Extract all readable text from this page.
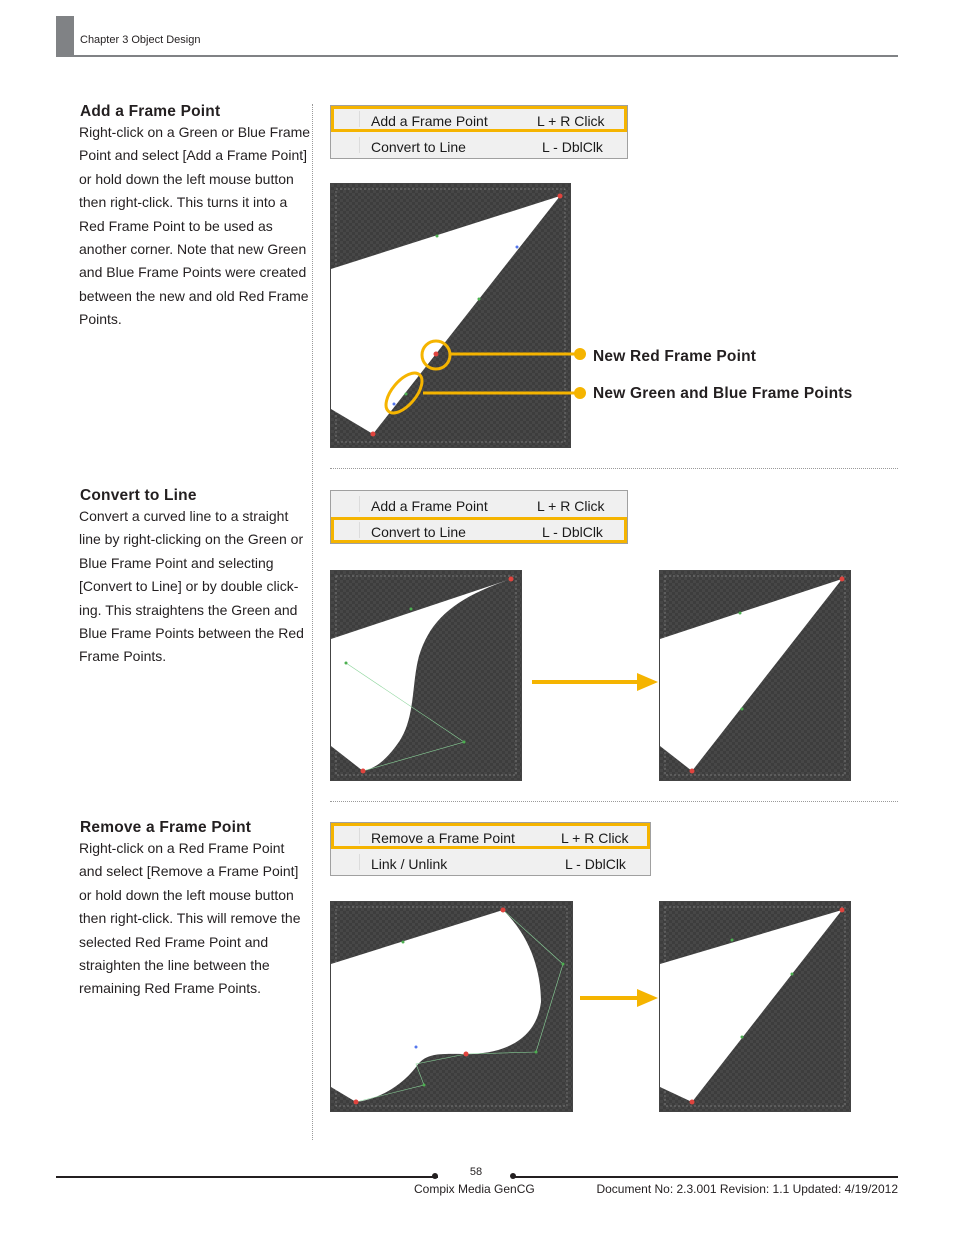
Chapter 3 Object Design
Add a Frame Point
Right-click on a Green or Blue Frame Point and select [Add a Frame Point] or hold down the left mouse button then right-click. This turns it into a Red Frame Point to be used as another corner. Note that new Green and Blue Frame Points were created between the new and old Red Frame Points.
Add a Frame Point	L + R Click
Convert to Line	L - DblClk
New Red Frame Point
New Green and Blue Frame Points
Convert to Line
Convert a curved line to a straight line by right-clicking on the Green or Blue Frame Point and selecting [Convert to Line] or by double click-ing. This straightens the Green and Blue Frame Points between the Red Frame Points.
Add a Frame Point	L + R Click
Convert to Line	L - DblClk
Remove a Frame Point
Right-click on a Red Frame Point and select [Remove a Frame Point] or hold down the left mouse button then right-click. This will remove the selected Red Frame Point and straighten the line between the remaining Red Frame Points.
Remove a Frame Point	L + R Click
Link / Unlink	L - DblClk
58
Compix Media GenCG	Document No: 2.3.001 Revision: 1.1 Updated: 4/19/2012
